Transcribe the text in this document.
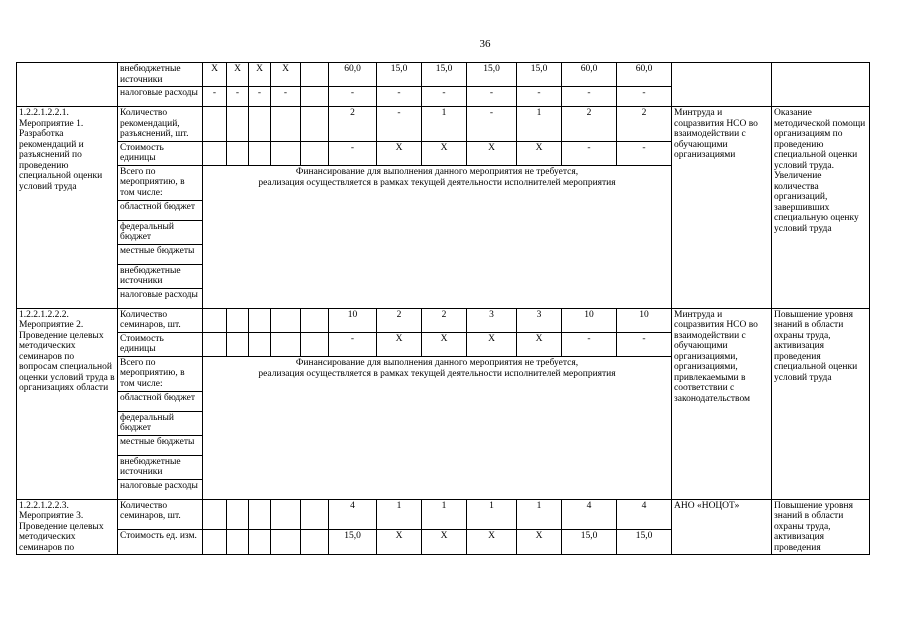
36
	внебюджетные источники	X	X	X	X		60,0	15,0	15,0	15,0	15,0	60,0	60,0		
	налоговые расходы	-	-	-	-		-	-	-	-	-	-	-		
1.2.2.1.2.2.1. Мероприятие 1. Разработка рекомендаций и разъяснений по проведению специальной оценки условий труда	Количество рекомендаций, разъяснений, шт.						2	-	1	-	1	2	2	Минтруда и соцразвития НСО во взаимодействии с обучающими организациями	Оказание методической помощи организациям по проведению специальной оценки условий труда. Увеличение количества организаций, завершивших специальную оценку условий труда
	Стоимость единицы						-	X	X	X	X	-	-		
	Всего по мероприятию, в том числе:	Финансирование для выполнения данного мероприятия не требуется,
реализация осуществляется в рамках текущей деятельности исполнителей мероприятия													

	областной бюджет														
	федеральный бюджет														
	местные бюджеты														
	внебюджетные источники														
	налоговые расходы														
1.2.2.1.2.2.2. Мероприятие 2. Проведение целевых методических семинаров по вопросам специальной оценки условий труда в организациях области	Количество семинаров, шт.						10	2	2	3	3	10	10	Минтруда и соцразвития НСО во взаимодействии с обучающими организациями, организациями, привлекаемыми в соответствии с законодательством	Повышение уровня знаний в области охраны труда, активизация проведения специальной оценки условий труда
	Стоимость единицы						-	X	X	X	X	-	-		
	Всего по мероприятию, в том числе:	Финансирование для выполнения данного мероприятия не требуется,
реализация осуществляется в рамках текущей деятельности исполнителей мероприятия													

	областной бюджет														
	федеральный бюджет														
	местные бюджеты														
	внебюджетные источники														
	налоговые расходы														
1.2.2.1.2.2.3. Мероприятие 3. Проведение целевых методических семинаров по	Количество семинаров, шт.						4	1	1	1	1	4	4	АНО «НОЦОТ»	Повышение уровня знаний в области охраны труда, активизация проведения
	Стоимость ед. изм.						15,0	X	X	X	X	15,0	15,0		
